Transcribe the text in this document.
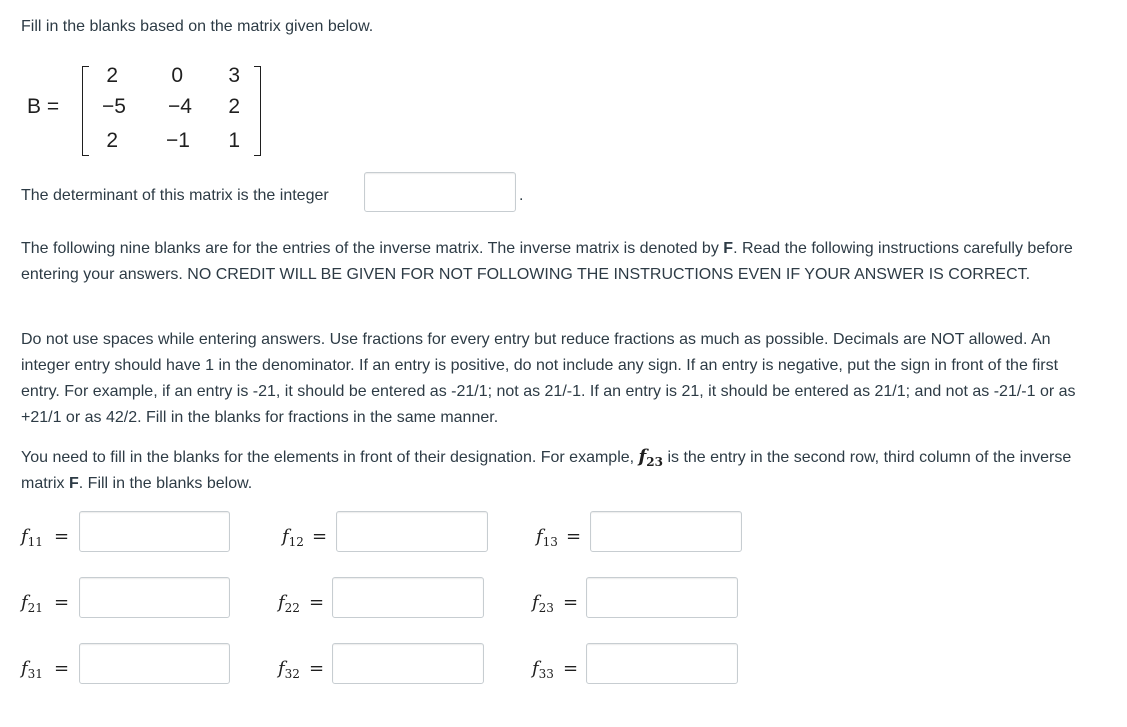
Fill in the blanks based on the matrix given below.

B =
2	0	3
−5	−4	2
2	−1	1
The determinant of this matrix is the integer	.

The following nine blanks are for the entries of the inverse matrix. The inverse matrix is denoted by F. Read the following instructions carefully before entering your answers. NO CREDIT WILL BE GIVEN FOR NOT FOLLOWING THE INSTRUCTIONS EVEN IF YOUR ANSWER IS CORRECT.

Do not use spaces while entering answers. Use fractions for every entry but reduce fractions as much as possible. Decimals are NOT allowed. An integer entry should have 1 in the denominator. If an entry is positive, do not include any sign. If an entry is negative, put the sign in front of the first entry. For example, if an entry is -21, it should be entered as -21/1; not as 21/-1. If an entry is 21, it should be entered as 21/1; and not as -21/-1 or as +21/1 or as 42/2. Fill in the blanks for fractions in the same manner.

You need to fill in the blanks for the elements in front of their designation. For example, $f_{23}$ is the entry in the second row, third column of the inverse matrix F. Fill in the blanks below.

$f_{11}$ =	$f_{12}$ =	$f_{13}$ =
$f_{21}$ =	$f_{22}$ =	$f_{23}$ =
$f_{31}$ =	$f_{32}$ =	$f_{33}$ =
